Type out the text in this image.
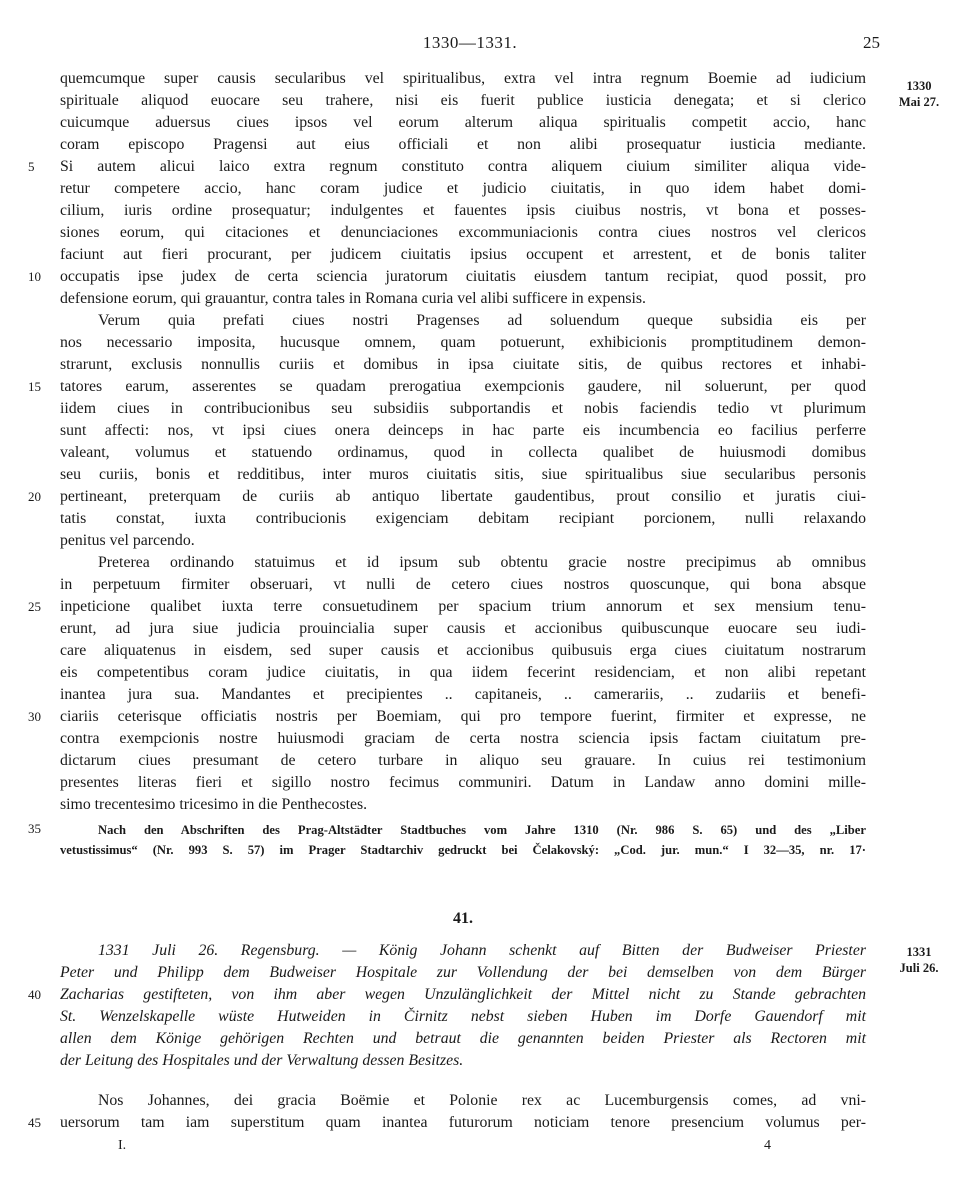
1330—1331.	25
1330
Mai 27.
quemcumque super causis secularibus vel spiritualibus, extra vel intra regnum Boemie ad iudicium
spirituale aliquod euocare seu trahere, nisi eis fuerit publice iusticia denegata; et si clerico
cuicumque aduersus ciues ipsos vel eorum alterum aliqua spiritualis competit accio, hanc
coram episcopo Pragensi aut eius officiali et non alibi prosequatur iusticia mediante.
5	Si autem alicui laico extra regnum constituto contra aliquem ciuium similiter aliqua vide-
retur competere accio, hanc coram judice et judicio ciuitatis, in quo idem habet domi-
cilium, iuris ordine prosequatur; indulgentes et fauentes ipsis ciuibus nostris, vt bona et posses-
siones eorum, qui citaciones et denunciaciones excommuniacionis contra ciues nostros vel clericos
faciunt aut fieri procurant, per judicem ciuitatis ipsius occupent et arrestent, et de bonis taliter
10	occupatis ipse judex de certa sciencia juratorum ciuitatis eiusdem tantum recipiat, quod possit, pro
defensione eorum, qui grauantur, contra tales in Romana curia vel alibi sufficere in expensis.
Verum quia prefati ciues nostri Pragenses ad soluendum queque subsidia eis per
nos necessario imposita, hucusque omnem, quam potuerunt, exhibicionis promptitudinem demon-
strarunt, exclusis nonnullis curiis et domibus in ipsa ciuitate sitis, de quibus rectores et inhabi-
15	tatores earum, asserentes se quadam prerogatiua exempcionis gaudere, nil soluerunt, per quod
iidem ciues in contribucionibus seu subsidiis subportandis et nobis faciendis tedio vt plurimum
sunt affecti: nos, vt ipsi ciues onera deinceps in hac parte eis incumbencia eo facilius perferre
valeant, volumus et statuendo ordinamus, quod in collecta qualibet de huiusmodi domibus
seu curiis, bonis et redditibus, inter muros ciuitatis sitis, siue spiritualibus siue secularibus personis
20	pertineant, preterquam de curiis ab antiquo libertate gaudentibus, prout consilio et juratis ciui-
tatis constat, iuxta contribucionis exigenciam debitam recipiant porcionem, nulli relaxando
penitus vel parcendo.
Preterea ordinando statuimus et id ipsum sub obtentu gracie nostre precipimus ab omnibus
in perpetuum firmiter obseruari, vt nulli de cetero ciues nostros quoscunque, qui bona absque
25	inpeticione qualibet iuxta terre consuetudinem per spacium trium annorum et sex mensium tenu-
erunt, ad jura siue judicia prouincialia super causis et accionibus quibuscunque euocare seu iudi-
care aliquatenus in eisdem, sed super causis et accionibus quibusuis erga ciues ciuitatum nostrarum
eis competentibus coram judice ciuitatis, in qua iidem fecerint residenciam, et non alibi repetant
inantea jura sua. Mandantes et precipientes .. capitaneis, .. camerariis, .. zudariis et benefi-
30	ciariis ceterisque officiatis nostris per Boemiam, qui pro tempore fuerint, firmiter et expresse, ne
contra exempcionis nostre huiusmodi graciam de certa nostra sciencia ipsis factam ciuitatum pre-
dictarum ciues presumant de cetero turbare in aliquo seu grauare. In cuius rei testimonium
presentes literas fieri et sigillo nostro fecimus communiri. Datum in Landaw anno domini mille-
simo trecentesimo tricesimo in die Penthecostes.
35	Nach den Abschriften des Prag-Altstädter Stadtbuches vom Jahre 1310 (Nr. 986 S. 65) und des „Liber
vetustissimus“ (Nr. 993 S. 57) im Prager Stadtarchiv gedruckt bei Čelakovský: „Cod. jur. mun.“ I 32—35, nr. 17·
41.
1331
Juli 26.
1331 Juli 26. Regensburg. — König Johann schenkt auf Bitten der Budweiser Priester
Peter und Philipp dem Budweiser Hospitale zur Vollendung der bei demselben von dem Bürger
40	Zacharias gestifteten, von ihm aber wegen Unzulänglichkeit der Mittel nicht zu Stande gebrachten
St. Wenzelskapelle wüste Hutweiden in Čirnitz nebst sieben Huben im Dorfe Gauendorf mit
allen dem Könige gehörigen Rechten und betraut die genannten beiden Priester als Rectoren mit
der Leitung des Hospitales und der Verwaltung dessen Besitzes.
Nos Johannes, dei gracia Boëmie et Polonie rex ac Lucemburgensis comes, ad vni-
45	uersorum tam iam superstitum quam inantea futurorum noticiam tenore presencium volumus per-
I.	4
